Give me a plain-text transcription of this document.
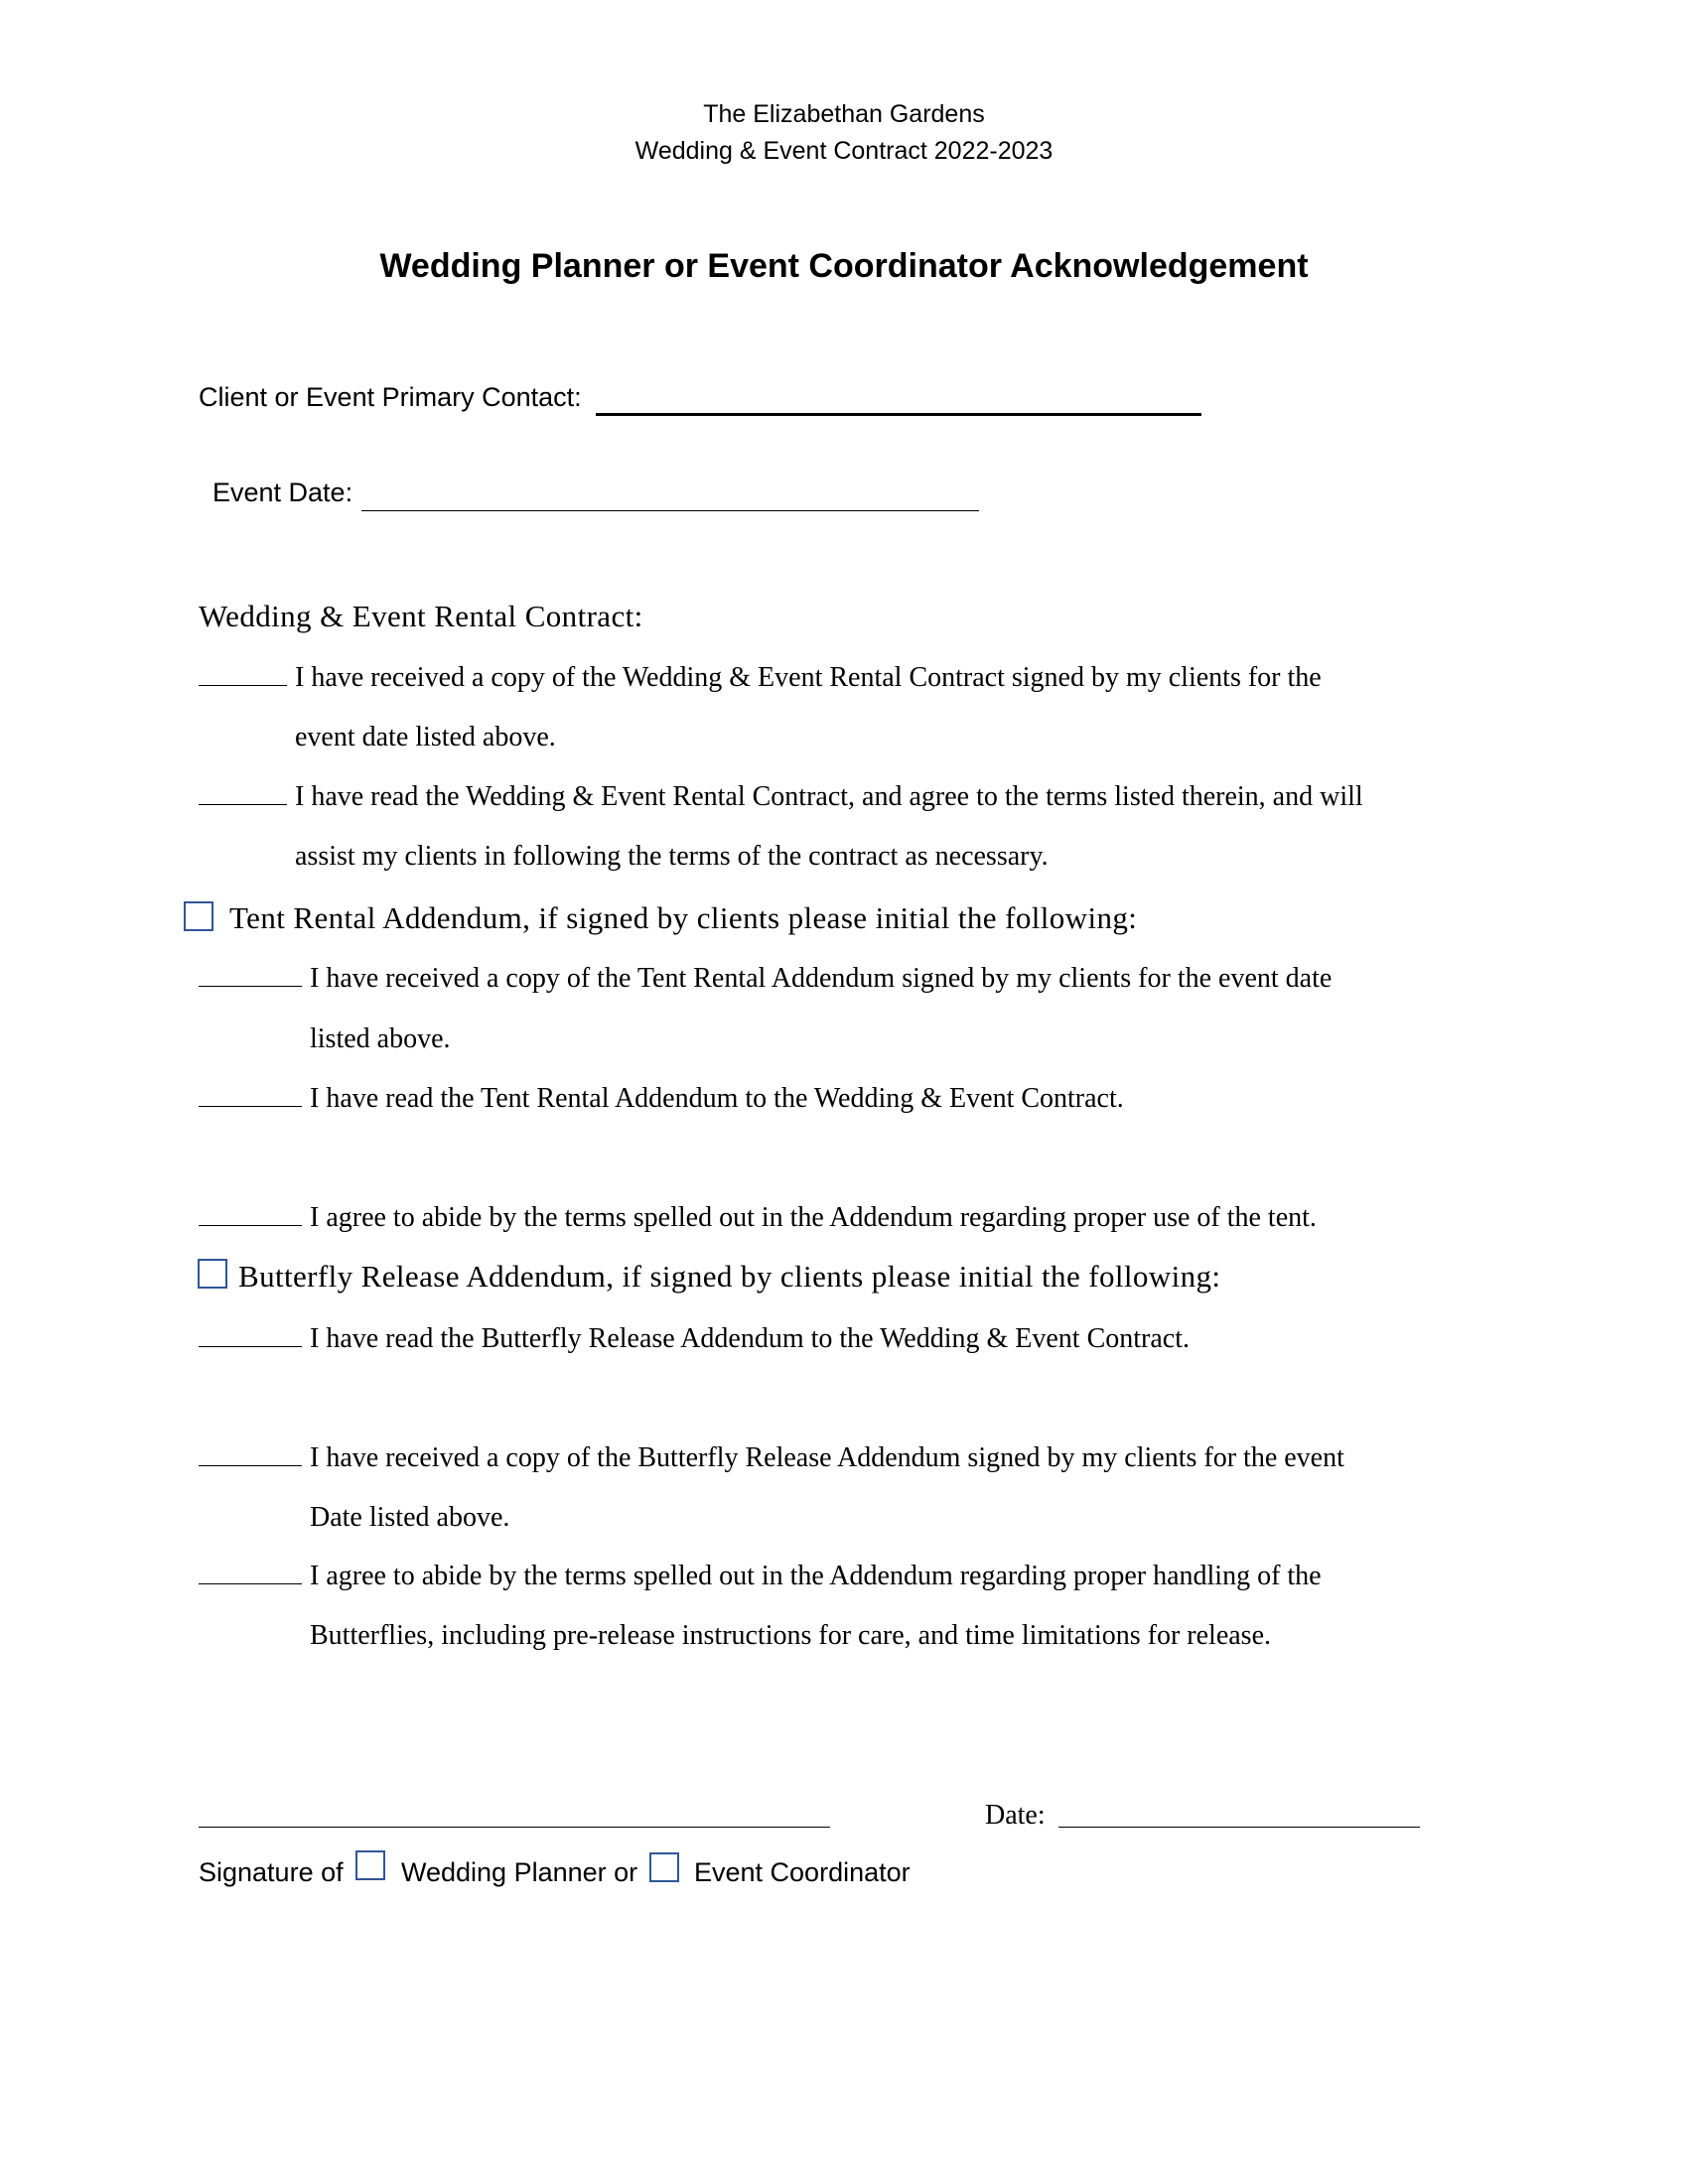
The Elizabethan Gardens
Wedding & Event Contract 2022-2023
Wedding Planner or Event Coordinator Acknowledgement
Client or Event Primary Contact:
Event Date:
Wedding & Event Rental Contract:
I have received a copy of the Wedding & Event Rental Contract signed by my clients for the
event date listed above.
I have read the Wedding & Event Rental Contract, and agree to the terms listed therein, and will
assist my clients in following the terms of the contract as necessary.
Tent Rental Addendum, if signed by clients please initial the following:
I have received a copy of the Tent Rental Addendum signed by my clients for the event date
listed above.
I have read the Tent Rental Addendum to the Wedding & Event Contract.
I agree to abide by the terms spelled out in the Addendum regarding proper use of the tent.
Butterfly Release Addendum, if signed by clients please initial the following:
I have read the Butterfly Release Addendum to the Wedding & Event Contract.
I have received a copy of the Butterfly Release Addendum signed by my clients for the event
Date listed above.
I agree to abide by the terms spelled out in the Addendum regarding proper handling of the
Butterflies, including pre-release instructions for care, and time limitations for release.
Date:
Signature of Wedding Planner or Event Coordinator
